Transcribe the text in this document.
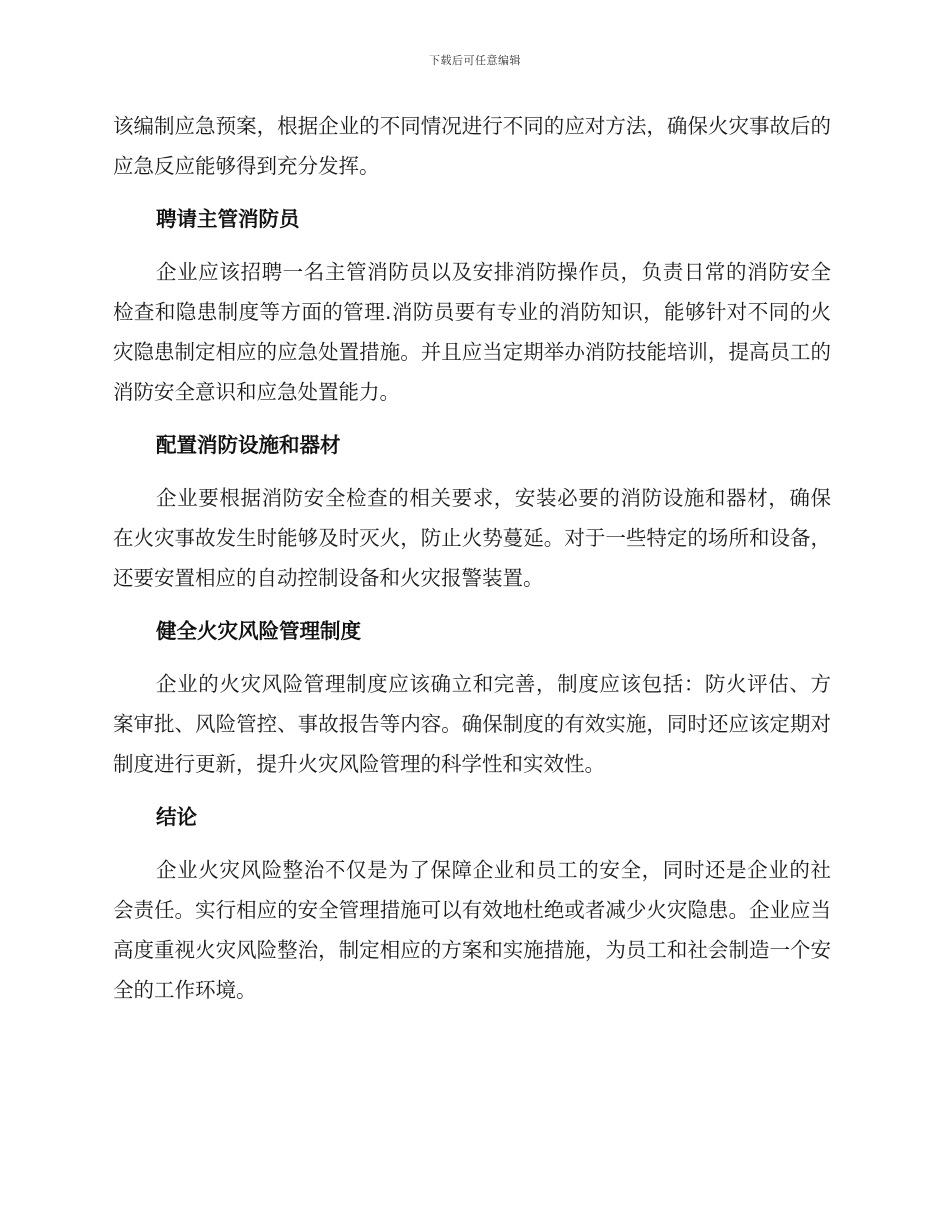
下载后可任意编辑

该编制应急预案，根据企业的不同情况进行不同的应对方法，确保火灾事故后的应急反应能够得到充分发挥。

聘请主管消防员

企业应该招聘一名主管消防员以及安排消防操作员，负责日常的消防安全检查和隐患制度等方面的管理.消防员要有专业的消防知识，能够针对不同的火灾隐患制定相应的应急处置措施。并且应当定期举办消防技能培训，提高员工的消防安全意识和应急处置能力。

配置消防设施和器材

企业要根据消防安全检查的相关要求，安装必要的消防设施和器材，确保在火灾事故发生时能够及时灭火，防止火势蔓延。对于一些特定的场所和设备，还要安置相应的自动控制设备和火灾报警装置。

健全火灾风险管理制度

企业的火灾风险管理制度应该确立和完善，制度应该包括：防火评估、方案审批、风险管控、事故报告等内容。确保制度的有效实施，同时还应该定期对制度进行更新，提升火灾风险管理的科学性和实效性。

结论

企业火灾风险整治不仅是为了保障企业和员工的安全，同时还是企业的社会责任。实行相应的安全管理措施可以有效地杜绝或者减少火灾隐患。企业应当高度重视火灾风险整治，制定相应的方案和实施措施，为员工和社会制造一个安全的工作环境。
